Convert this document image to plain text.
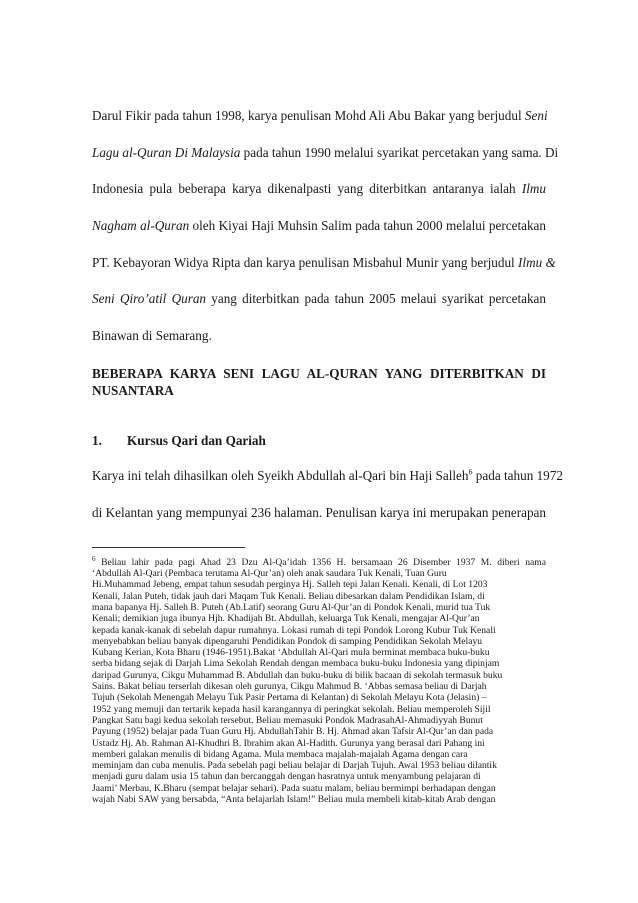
Darul Fikir pada tahun 1998, karya penulisan Mohd Ali Abu Bakar yang berjudul Seni
Lagu al-Quran Di Malaysia pada tahun 1990 melalui syarikat percetakan yang sama. Di
Indonesia pula beberapa karya dikenalpasti yang diterbitkan antaranya ialah Ilmu
Nagham al-Quran oleh Kiyai Haji Muhsin Salim pada tahun 2000 melalui percetakan
PT. Kebayoran Widya Ripta dan karya penulisan Misbahul Munir yang berjudul Ilmu &
Seni Qiro’atil Quran yang diterbitkan pada tahun 2005 melaui syarikat percetakan
Binawan di Semarang.
BEBERAPA KARYA SENI LAGU AL-QURAN YANG DITERBITKAN DI
NUSANTARA
1.	Kursus Qari dan Qariah
Karya ini telah dihasilkan oleh Syeikh Abdullah al-Qari bin Haji Salleh$^6$ pada tahun 1972
di Kelantan yang mempunyai 236 halaman. Penulisan karya ini merupakan penerapan
$^6$ Beliau lahir pada pagi Ahad 23 Dzu Al-Qa’idah 1356 H. bersamaan 26 Disember 1937 M. diberi nama
‘Abdullah Al-Qari (Pembaca terutama Al-Qur’an) oleh anak saudara Tuk Kenali, Tuan Guru
Hi.Muhammad Jebeng, empat tahun sesudah perginya Hj. Salleh tepi Jalan Kenali. Kenali, di Lot 1203
Kenali, Jalan Puteh, tidak jauh dari Maqam Tuk Kenali. Beliau dibesarkan dalam Pendidikan Islam, di
mana bapanya Hj. Salleh B. Puteh (Ab.Latif) seorang Guru Al-Qur’an di Pondok Kenali, murid tua Tuk
Kenali; demikian juga ibunya Hjh. Khadijah Bt. Abdullah, keluarga Tuk Kenali, mengajar Al-Qur’an
kepada kanak-kanak di sebelah dapur rumahnya. Lokasi rumah di tepi Pondok Lorong Kubur Tuk Kenali
menyebabkan beliau banyak dipengaruhi Pendidikan Pondok di samping Pendidikan Sekolah Melayu
Kubang Kerian, Kota Bharu (1946-1951).Bakat ‘Abdullah Al-Qari mula berminat membaca buku-buku
serba bidang sejak di Darjah Lima Sekolah Rendah dengan membaca buku-buku Indonesia yang dipinjam
daripad Gurunya, Cikgu Muhammad B. Abdullah dan buku-buku di bilik bacaan di sekolah termasuk buku
Sains. Bakat beliau terserlah dikesan oleh gurunya, Cikgu Mahmud B. ‘Abbas semasa beliau di Darjah
Tujuh (Sekolah Menengah Melayu Tuk Pasir Pertama di Kelantan) di Sekolah Melayu Kota (Jelasin) –
1952 yang memuji dan tertarik kepada hasil karangannya di peringkat sekolah. Beliau memperoleh Sijil
Pangkat Satu bagi kedua sekolah tersebut. Beliau memasuki Pondok MadrasahAl-Ahmadiyyah Bunut
Payung (1952) belajar pada Tuan Guru Hj. AbdullahTahir B. Hj. Ahmad akan Tafsir Al-Qur’an dan pada
Ustadz Hj. Ab. Rahman Al-Khudhri B. Ibrahim akan Al-Hadith. Gurunya yang berasal dari Pahang ini
memberi galakan menulis di bidang Agama. Mula membaca majalah-majalah Agama dengan cara
meminjam dan cuba menulis. Pada sebelah pagi beliau belajar di Darjah Tujuh. Awal 1953 beliau dilantik
menjadi guru dalam usia 15 tahun dan bercanggah dengan hasratnya untuk menyambung pelajaran di
Jaami’ Merbau, K.Bharu (sempat belajar sehari). Pada suatu malam, beliau bermimpi berhadapan dengan
wajah Nabi SAW yang bersabda, “Anta belajarlah Islam!” Beliau mula membeli kitab-kitab Arab dengan
